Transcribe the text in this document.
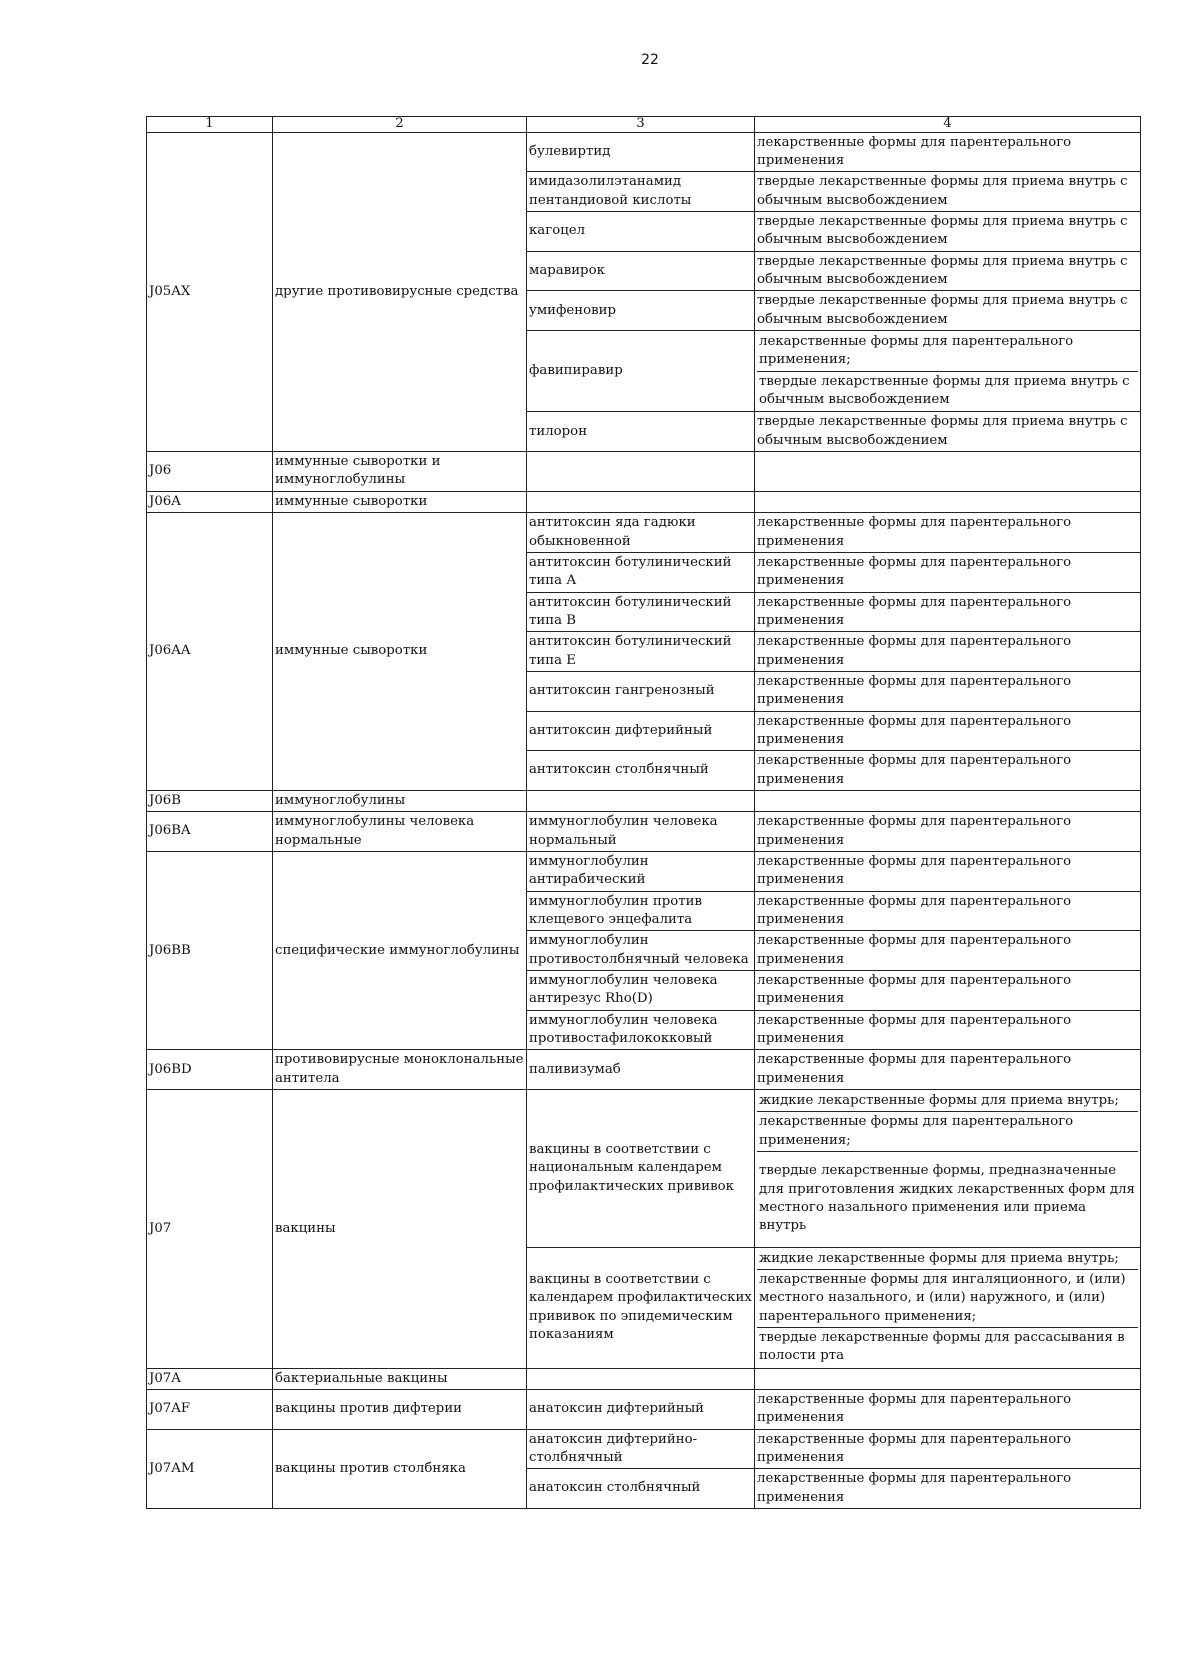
22
1	2	3	4
J05AX	другие противовирусные средства	булевиртид	лекарственные формы для парентерального применения
		имидазолилэтанамид пентандиовой кислоты	твердые лекарственные формы для приема внутрь с обычным высвобождением
		кагоцел	твердые лекарственные формы для приема внутрь с обычным высвобождением
		маравирок	твердые лекарственные формы для приема внутрь с обычным высвобождением
		умифеновир	твердые лекарственные формы для приема внутрь с обычным высвобождением
		фавипиравир	лекарственные формы для парентерального применения;
твердые лекарственные формы для приема внутрь с обычным высвобождением

		тилорон	твердые лекарственные формы для приема внутрь с обычным высвобождением
J06	иммунные сыворотки и иммуноглобулины		
J06A	иммунные сыворотки		
J06AA	иммунные сыворотки	антитоксин яда гадюки обыкновенной	лекарственные формы для парентерального применения
		антитоксин ботулинический типа А	лекарственные формы для парентерального применения
		антитоксин ботулинический типа В	лекарственные формы для парентерального применения
		антитоксин ботулинический типа Е	лекарственные формы для парентерального применения
		антитоксин гангренозный	лекарственные формы для парентерального применения
		антитоксин дифтерийный	лекарственные формы для парентерального применения
		антитоксин столбнячный	лекарственные формы для парентерального применения
J06B	иммуноглобулины		
J06BA	иммуноглобулины человека нормальные	иммуноглобулин человека нормальный	лекарственные формы для парентерального применения
J06BB	специфические иммуноглобулины	иммуноглобулин антирабический	лекарственные формы для парентерального применения
		иммуноглобулин против клещевого энцефалита	лекарственные формы для парентерального применения
		иммуноглобулин противостолбнячный человека	лекарственные формы для парентерального применения
		иммуноглобулин человека антирезус Rho(D)	лекарственные формы для парентерального применения
		иммуноглобулин человека противостафилококковый	лекарственные формы для парентерального применения
J06BD	противовирусные моноклональные антитела	паливизумаб	лекарственные формы для парентерального применения
J07	вакцины	вакцины в соответствии с национальным календарем профилактических прививок	жидкие лекарственные формы для приема внутрь;
лекарственные формы для парентерального применения;
твердые лекарственные формы, предназначенные для приготовления жидких лекарственных форм для местного назального применения или приема внутрь

		вакцины в соответствии с календарем профилактических прививок по эпидемическим показаниям	жидкие лекарственные формы для приема внутрь;
лекарственные формы для ингаляционного, и (или) местного назального, и (или) наружного, и (или) парентерального применения;
твердые лекарственные формы для рассасывания в полости рта

J07A	бактериальные вакцины		
J07AF	вакцины против дифтерии	анатоксин дифтерийный	лекарственные формы для парентерального применения
J07AM	вакцины против столбняка	анатоксин дифтерийно-столбнячный	лекарственные формы для парентерального применения
		анатоксин столбнячный	лекарственные формы для парентерального применения
